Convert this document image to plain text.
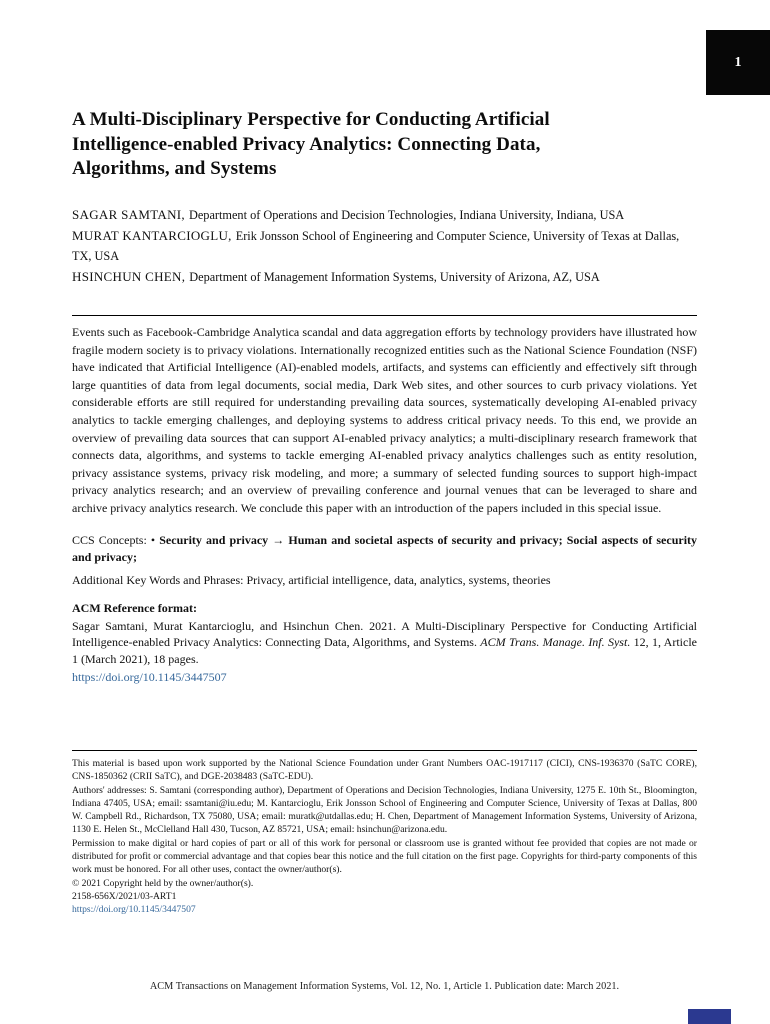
1
A Multi-Disciplinary Perspective for Conducting Artificial
Intelligence-enabled Privacy Analytics: Connecting Data,
Algorithms, and Systems

SAGAR SAMTANI, Department of Operations and Decision Technologies, Indiana University, Indiana, USA

MURAT KANTARCIOGLU, Erik Jonsson School of Engineering and Computer Science, University of Texas at Dallas, TX, USA

HSINCHUN CHEN, Department of Management Information Systems, University of Arizona, AZ, USA

Events such as Facebook-Cambridge Analytica scandal and data aggregation efforts by technology providers have illustrated how fragile modern society is to privacy violations. Internationally recognized entities such as the National Science Foundation (NSF) have indicated that Artificial Intelligence (AI)-enabled models, artifacts, and systems can efficiently and effectively sift through large quantities of data from legal documents, social media, Dark Web sites, and other sources to curb privacy violations. Yet considerable efforts are still required for understanding prevailing data sources, systematically developing AI-enabled privacy analytics to tackle emerging challenges, and deploying systems to address critical privacy needs. To this end, we provide an overview of prevailing data sources that can support AI-enabled privacy analytics; a multi-disciplinary research framework that connects data, algorithms, and systems to tackle emerging AI-enabled privacy analytics challenges such as entity resolution, privacy assistance systems, privacy risk modeling, and more; a summary of selected funding sources to support high-impact privacy analytics research; and an overview of prevailing conference and journal venues that can be leveraged to share and archive privacy analytics research. We conclude this paper with an introduction of the papers included in this special issue.

CCS Concepts: • Security and privacy → Human and societal aspects of security and privacy; Social aspects of security and privacy;

Additional Key Words and Phrases: Privacy, artificial intelligence, data, analytics, systems, theories

ACM Reference format:

Sagar Samtani, Murat Kantarcioglu, and Hsinchun Chen. 2021. A Multi-Disciplinary Perspective for Conducting Artificial Intelligence-enabled Privacy Analytics: Connecting Data, Algorithms, and Systems. ACM Trans. Manage. Inf. Syst. 12, 1, Article 1 (March 2021), 18 pages.
https://doi.org/10.1145/3447507

This material is based upon work supported by the National Science Foundation under Grant Numbers OAC-1917117 (CICI), CNS-1936370 (SaTC CORE), CNS-1850362 (CRII SaTC), and DGE-2038483 (SaTC-EDU).

Authors' addresses: S. Samtani (corresponding author), Department of Operations and Decision Technologies, Indiana University, 1275 E. 10th St., Bloomington, Indiana 47405, USA; email: ssamtani@iu.edu; M. Kantarcioglu, Erik Jonsson School of Engineering and Computer Science, University of Texas at Dallas, 800 W. Campbell Rd., Richardson, TX 75080, USA; email: muratk@utdallas.edu; H. Chen, Department of Management Information Systems, University of Arizona, 1130 E. Helen St., McClelland Hall 430, Tucson, AZ 85721, USA; email: hsinchun@arizona.edu.

Permission to make digital or hard copies of part or all of this work for personal or classroom use is granted without fee provided that copies are not made or distributed for profit or commercial advantage and that copies bear this notice and the full citation on the first page. Copyrights for third-party components of this work must be honored. For all other uses, contact the owner/author(s).

© 2021 Copyright held by the owner/author(s).

2158-656X/2021/03-ART1

https://doi.org/10.1145/3447507
ACM Transactions on Management Information Systems, Vol. 12, No. 1, Article 1. Publication date: March 2021.
